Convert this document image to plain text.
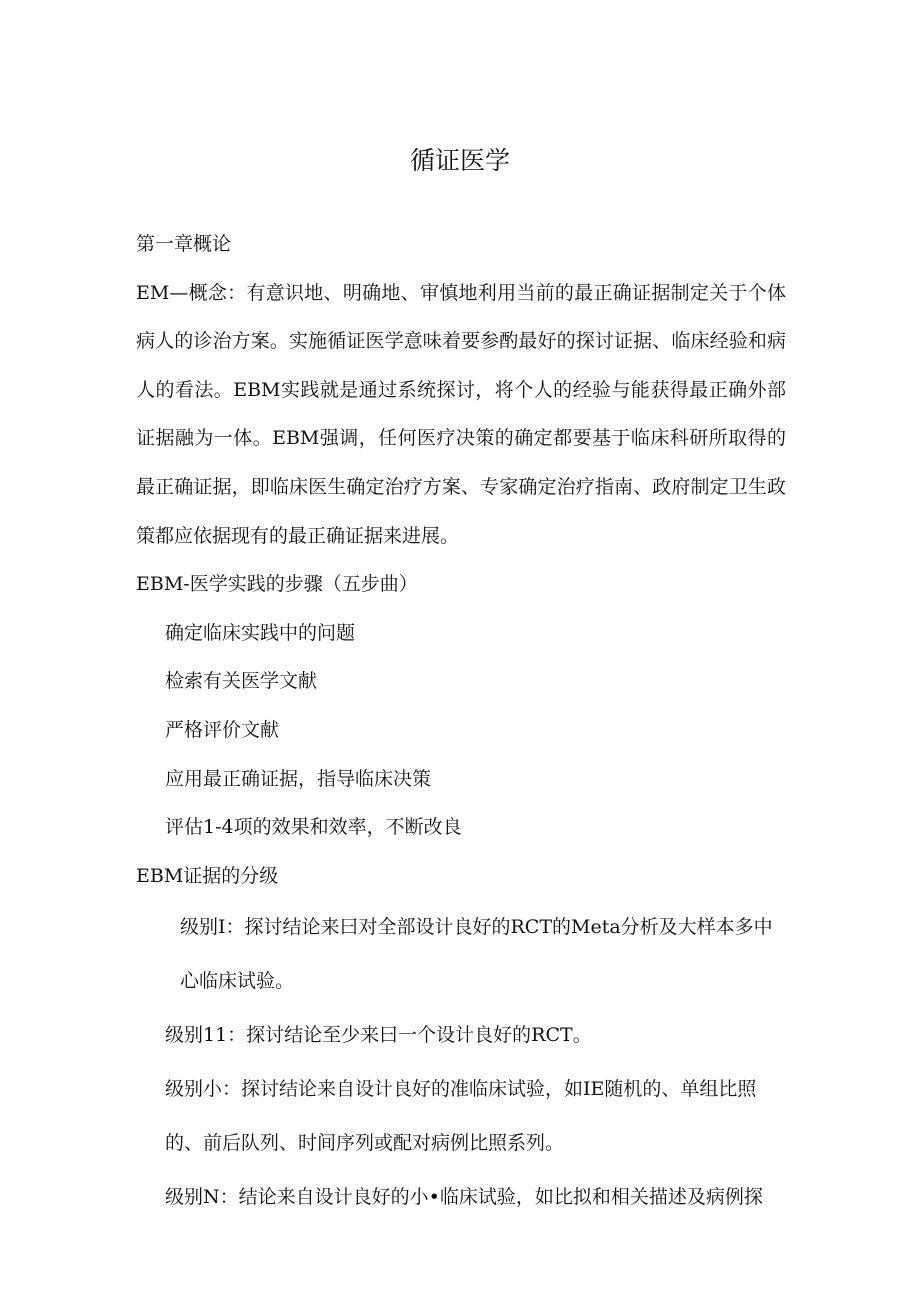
循证医学

第一章概论

EM—概念：有意识地、明确地、审慎地利用当前的最正确证据制定关于个体病人的诊治方案。实施循证医学意味着要参酌最好的探讨证据、临床经验和病人的看法。EBM实践就是通过系统探讨，将个人的经验与能获得最正确外部证据融为一体。EBM强调，任何医疗决策的确定都要基于临床科研所取得的最正确证据，即临床医生确定治疗方案、专家确定治疗指南、政府制定卫生政策都应依据现有的最正确证据来进展。

EBM-医学实践的步骤（五步曲）

确定临床实践中的问题

检索有关医学文献

严格评价文献

应用最正确证据，指导临床决策

评估1-4项的效果和效率，不断改良

EBM证据的分级

级别I：探讨结论来曰对全部设计良好的RCT的Meta分析及大样本多中心临床试验。

级别11：探讨结论至少来曰一个设计良好的RCT。

级别小：探讨结论来自设计良好的准临床试验，如IE随机的、单组比照的、前后队列、时间序列或配对病例比照系列。

级别N：结论来自设计良好的小•临床试验，如比拟和相关描述及病例探
